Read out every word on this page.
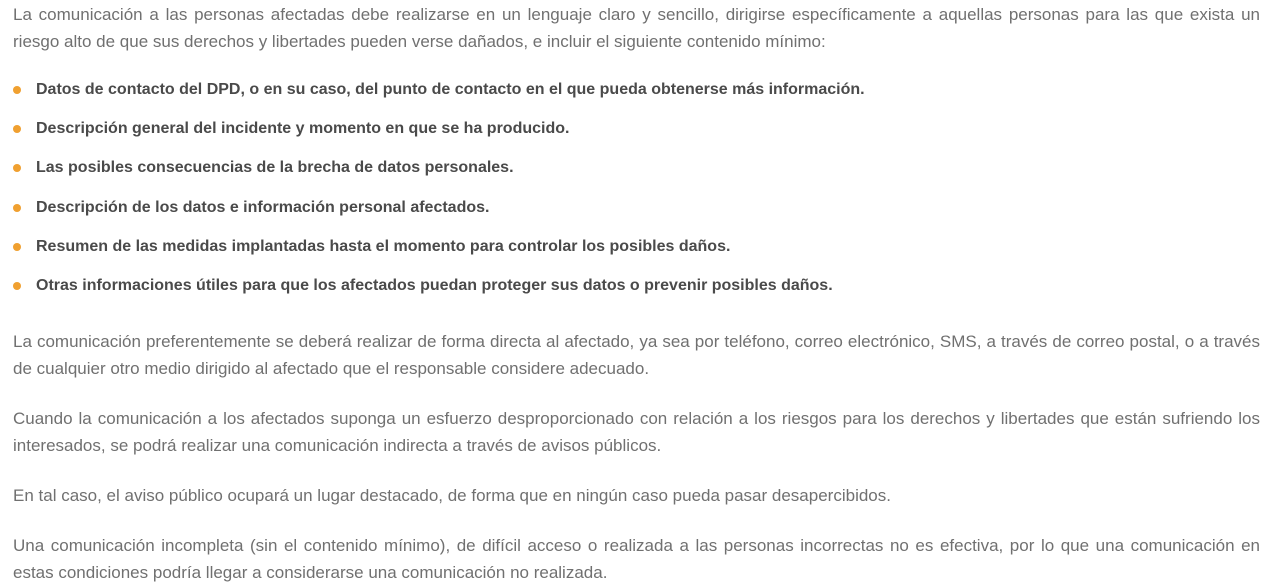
La comunicación a las personas afectadas debe realizarse en un lenguaje claro y sencillo, dirigirse específicamente a aquellas personas para las que exista un riesgo alto de que sus derechos y libertades pueden verse dañados, e incluir el siguiente contenido mínimo:

Datos de contacto del DPD, o en su caso, del punto de contacto en el que pueda obtenerse más información.
Descripción general del incidente y momento en que se ha producido.
Las posibles consecuencias de la brecha de datos personales.
Descripción de los datos e información personal afectados.
Resumen de las medidas implantadas hasta el momento para controlar los posibles daños.
Otras informaciones útiles para que los afectados puedan proteger sus datos o prevenir posibles daños.

La comunicación preferentemente se deberá realizar de forma directa al afectado, ya sea por teléfono, correo electrónico, SMS, a través de correo postal, o a través de cualquier otro medio dirigido al afectado que el responsable considere adecuado.

Cuando la comunicación a los afectados suponga un esfuerzo desproporcionado con relación a los riesgos para los derechos y libertades que están sufriendo los interesados, se podrá realizar una comunicación indirecta a través de avisos públicos.

En tal caso, el aviso público ocupará un lugar destacado, de forma que en ningún caso pueda pasar desapercibidos.

Una comunicación incompleta (sin el contenido mínimo), de difícil acceso o realizada a las personas incorrectas no es efectiva, por lo que una comunicación en estas condiciones podría llegar a considerarse una comunicación no realizada.
